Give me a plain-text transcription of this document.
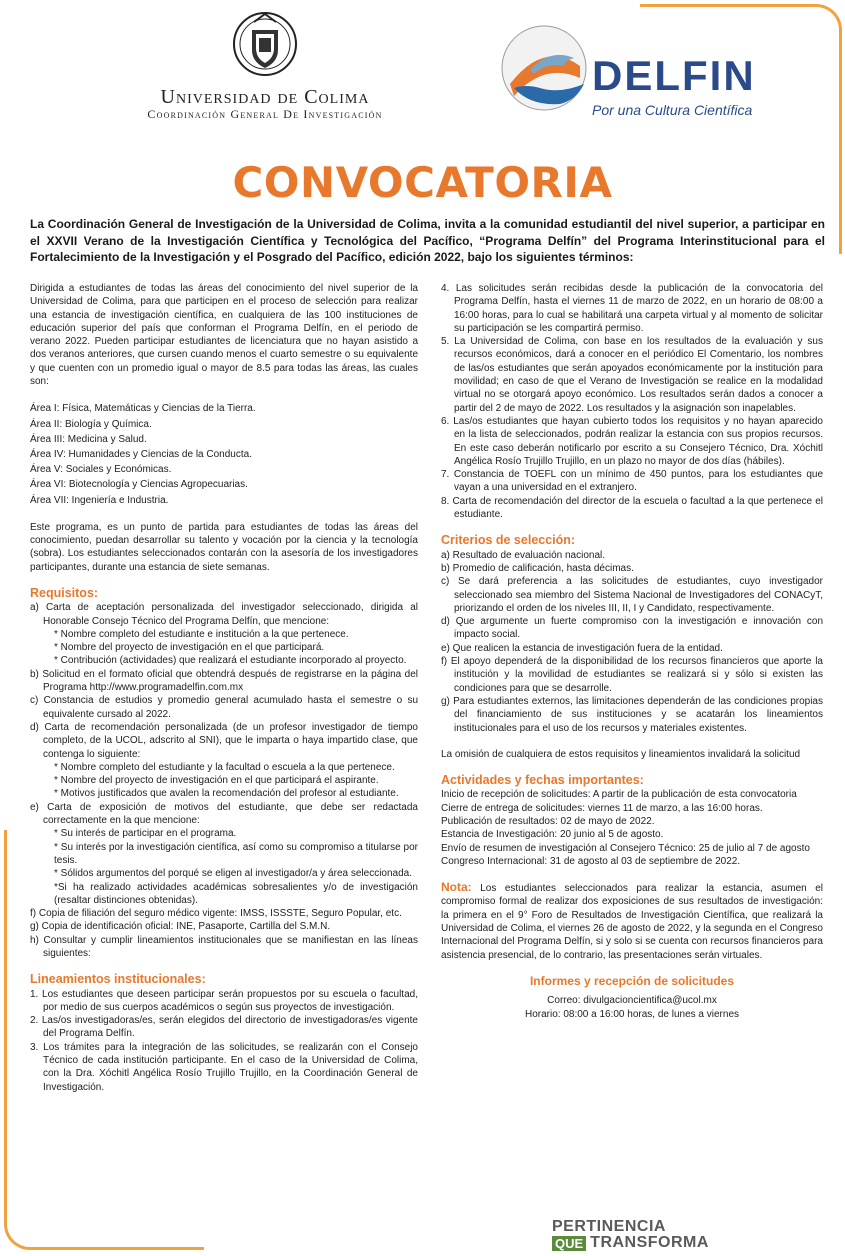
Universidad de Colima
Coordinación General De Investigación
DELFIN
Por una Cultura Científica
CONVOCATORIA

La Coordinación General de Investigación de la Universidad de Colima, invita a la comunidad estudiantil del nivel superior, a participar en el XXVII Verano de la Investigación Científica y Tecnológica del Pacífico, “Programa Delfín” del Programa Interinstitucional para el Fortalecimiento de la Investigación y el Posgrado del Pacífico, edición 2022, bajo los siguientes términos:

Dirigida a estudiantes de todas las áreas del conocimiento del nivel superior de la Universidad de Colima, para que participen en el proceso de selección para realizar una estancia de investigación científica, en cualquiera de las 100 instituciones de educación superior del país que conforman el Programa Delfín, en el periodo de verano 2022. Pueden participar estudiantes de licenciatura que no hayan asistido a dos veranos anteriores, que cursen cuando menos el cuarto semestre o su equivalente y que cuenten con un promedio igual o mayor de 8.5 para todas las áreas, las cuales son:

Área I: Física, Matemáticas y Ciencias de la Tierra.
Área II: Biología y Química.
Área III: Medicina y Salud.
Área IV: Humanidades y Ciencias de la Conducta.
Área V: Sociales y Económicas.
Área VI: Biotecnología y Ciencias Agropecuarias.
Área VII: Ingeniería e Industria.

Este programa, es un punto de partida para estudiantes de todas las áreas del conocimiento, puedan desarrollar su talento y vocación por la ciencia y la tecnología (sobra). Los estudiantes seleccionados contarán con la asesoría de los investigadores participantes, durante una estancia de siete semanas.

Requisitos:

a) Carta de aceptación personalizada del investigador seleccionado, dirigida al Honorable Consejo Técnico del Programa Delfín, que mencione:

* Nombre completo del estudiante e institución a la que pertenece.

* Nombre del proyecto de investigación en el que participará.

* Contribución (actividades) que realizará el estudiante incorporado al proyecto.

b) Solicitud en el formato oficial que obtendrá después de registrarse en la página del Programa http://www.programadelfin.com.mx

c) Constancia de estudios y promedio general acumulado hasta el semestre o su equivalente cursado al 2022.

d) Carta de recomendación personalizada (de un profesor investigador de tiempo completo, de la UCOL, adscrito al SNI), que le imparta o haya impartido clase, que contenga lo siguiente:

* Nombre completo del estudiante y la facultad o escuela a la que pertenece.

* Nombre del proyecto de investigación en el que participará el aspirante.

* Motivos justificados que avalen la recomendación del profesor al estudiante.

e) Carta de exposición de motivos del estudiante, que debe ser redactada correctamente en la que mencione:

* Su interés de participar en el programa.

* Su interés por la investigación científica, así como su compromiso a titularse por tesis.

* Sólidos argumentos del porqué se eligen al investigador/a y área seleccionada.

*Si ha realizado actividades académicas sobresalientes y/o de investigación (resaltar distinciones obtenidas).

f) Copia de filiación del seguro médico vigente: IMSS, ISSSTE, Seguro Popular, etc.

g) Copia de identificación oficial: INE, Pasaporte, Cartilla del S.M.N.

h) Consultar y cumplir lineamientos institucionales que se manifiestan en las líneas siguientes:

Lineamientos institucionales:

1. Los estudiantes que deseen participar serán propuestos por su escuela o facultad, por medio de sus cuerpos académicos o según sus proyectos de investigación.

2. Las/os investigadoras/es, serán elegidos del directorio de investigadoras/es vigente del Programa Delfín.

3. Los trámites para la integración de las solicitudes, se realizarán con el Consejo Técnico de cada institución participante. En el caso de la Universidad de Colima, con la Dra. Xóchitl Angélica Rosío Trujillo Trujillo, en la Coordinación General de Investigación.

4. Las solicitudes serán recibidas desde la publicación de la convocatoria del Programa Delfín, hasta el viernes 11 de marzo de 2022, en un horario de 08:00 a 16:00 horas, para lo cual se habilitará una carpeta virtual y al momento de solicitar su participación se les compartirá permiso.

5. La Universidad de Colima, con base en los resultados de la evaluación y sus recursos económicos, dará a conocer en el periódico El Comentario, los nombres de las/os estudiantes que serán apoyados económicamente por la institución para movilidad; en caso de que el Verano de Investigación se realice en la modalidad virtual no se otorgará apoyo económico. Los resultados serán dados a conocer a partir del 2 de mayo de 2022. Los resultados y la asignación son inapelables.

6. Las/os estudiantes que hayan cubierto todos los requisitos y no hayan aparecido en la lista de seleccionados, podrán realizar la estancia con sus propios recursos. En este caso deberán notificarlo por escrito a su Consejero Técnico, Dra. Xóchitl Angélica Rosío Trujillo Trujillo, en un plazo no mayor de dos días (hábiles).

7. Constancia de TOEFL con un mínimo de 450 puntos, para los estudiantes que vayan a una universidad en el extranjero.

8. Carta de recomendación del director de la escuela o facultad a la que pertenece el estudiante.

Criterios de selección:

a) Resultado de evaluación nacional.

b) Promedio de calificación, hasta décimas.

c) Se dará preferencia a las solicitudes de estudiantes, cuyo investigador seleccionado sea miembro del Sistema Nacional de Investigadores del CONACyT, priorizando el orden de los niveles III, II, I y Candidato, respectivamente.

d) Que argumente un fuerte compromiso con la investigación e innovación con impacto social.

e) Que realicen la estancia de investigación fuera de la entidad.

f) El apoyo dependerá de la disponibilidad de los recursos financieros que aporte la institución y la movilidad de estudiantes se realizará si y sólo si existen las condiciones para que se desarrolle.

g) Para estudiantes externos, las limitaciones dependerán de las condiciones propias del financiamiento de sus instituciones y se acatarán los lineamientos institucionales para el uso de los recursos y materiales existentes.

La omisión de cualquiera de estos requisitos y lineamientos invalidará la solicitud

Actividades y fechas importantes:

Inicio de recepción de solicitudes: A partir de la publicación de esta convocatoria

Cierre de entrega de solicitudes: viernes 11 de marzo, a las 16:00 horas.

Publicación de resultados: 02 de mayo de 2022.

Estancia de Investigación: 20 junio al 5 de agosto.

Envío de resumen de investigación al Consejero Técnico: 25 de julio al 7 de agosto

Congreso Internacional: 31 de agosto al 03 de septiembre de 2022.

Nota: Los estudiantes seleccionados para realizar la estancia, asumen el compromiso formal de realizar dos exposiciones de sus resultados de investigación: la primera en el 9° Foro de Resultados de Investigación Científica, que realizará la Universidad de Colima, el viernes 26 de agosto de 2022, y la segunda en el Congreso Internacional del Programa Delfín, si y solo si se cuenta con recursos financieros para asistencia presencial, de lo contrario, las presentaciones serán virtuales.

Informes y recepción de solicitudes
Correo: divulgacioncientifica@ucol.mx
Horario: 08:00 a 16:00 horas, de lunes a viernes
PERTINENCIA
QUE TRANSFORMA
